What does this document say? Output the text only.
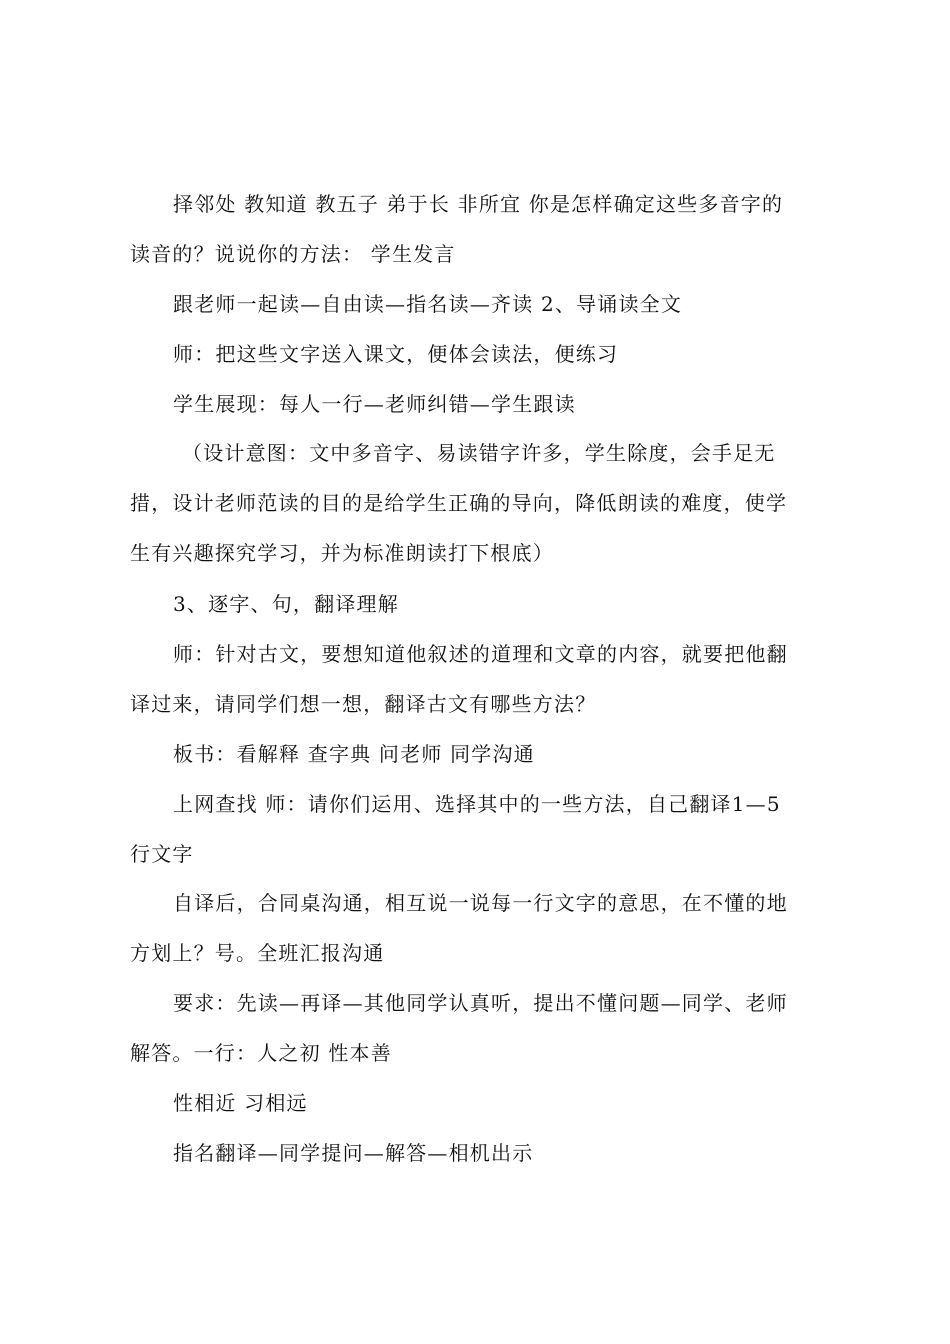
择邻处 教知道 教五子 弟于长 非所宜 你是怎样确定这些多音字的
读音的？说说你的方法： 学生发言
跟老师一起读—自由读—指名读—齐读 2、导诵读全文
师：把这些文字送入课文，便体会读法，便练习
学生展现：每人一行—老师纠错—学生跟读
（设计意图：文中多音字、易读错字许多，学生除度，会手足无
措，设计老师范读的目的是给学生正确的导向，降低朗读的难度，使学
生有兴趣探究学习，并为标准朗读打下根底）
3、逐字、句，翻译理解
师：针对古文，要想知道他叙述的道理和文章的内容，就要把他翻
译过来，请同学们想一想，翻译古文有哪些方法？
板书：看解释 查字典 问老师 同学沟通
上网查找 师：请你们运用、选择其中的一些方法，自己翻译1—5
行文字
自译后，合同桌沟通，相互说一说每一行文字的意思，在不懂的地
方划上？号。全班汇报沟通
要求：先读—再译—其他同学认真听，提出不懂问题—同学、老师
解答。一行：人之初 性本善
性相近 习相远
指名翻译—同学提问—解答—相机出示
